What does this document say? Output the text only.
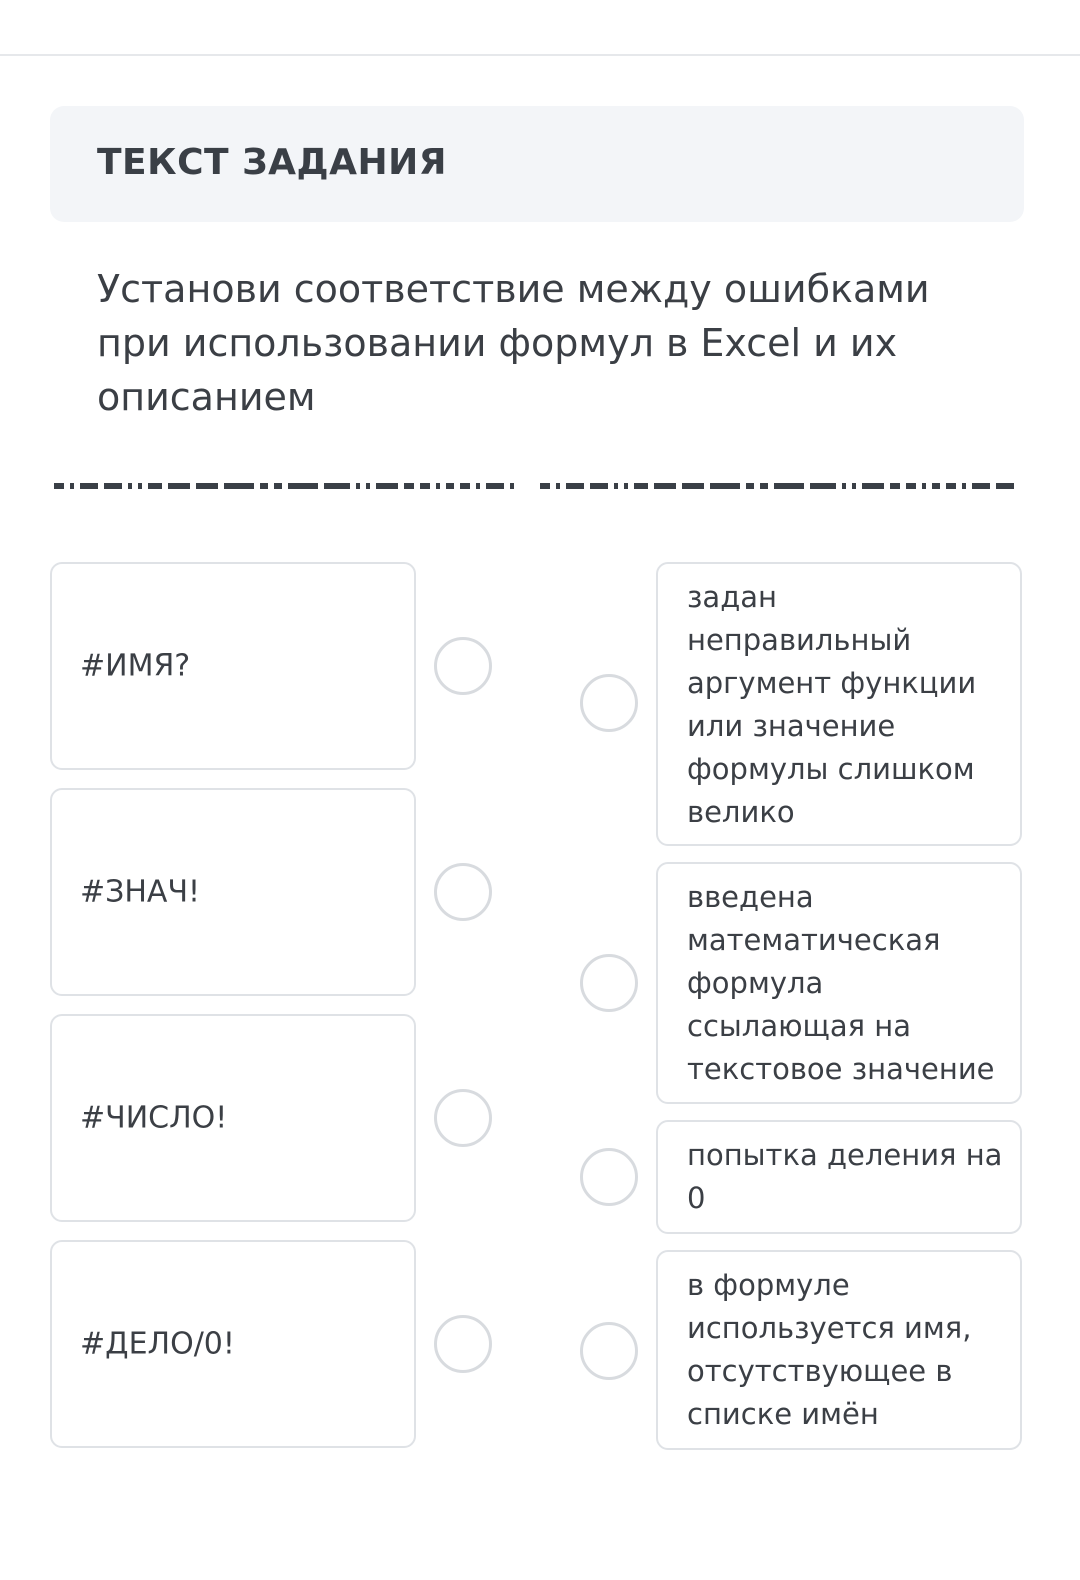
ТЕКСТ ЗАДАНИЯ

Установи соответствие между ошибками при использовании формул в Excel и их описанием

#ИМЯ?
#ЗНАЧ!
#ЧИСЛО!
#ДЕЛО/0!
задан неправильный аргумент функции или значение формулы слишком велико
введена математическая формула ссылающая на текстовое значение
попытка деления на 0
в формуле используется имя, отсутствующее в списке имён
